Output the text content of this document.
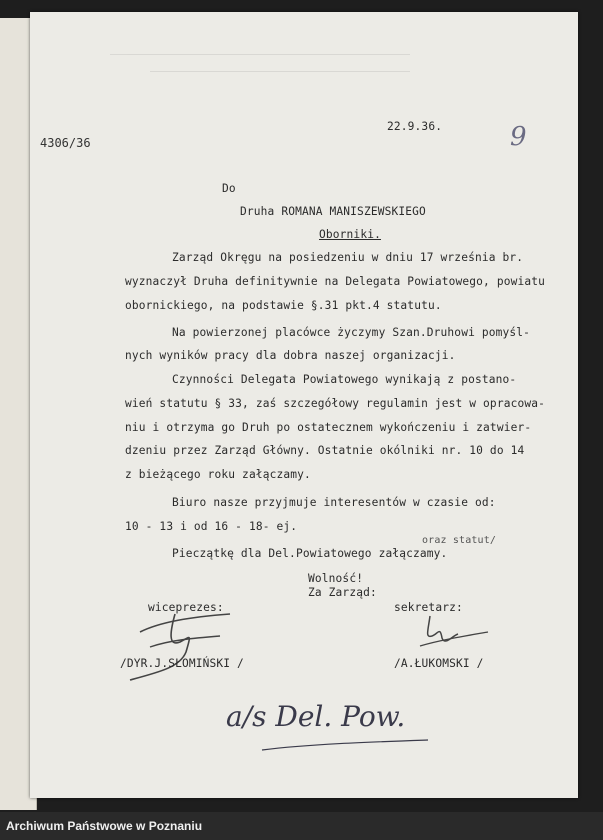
4306/36
22.9.36.	9
Do
Druha ROMANA MANISZEWSKIEGO
Oborniki.
Zarząd Okręgu na posiedzeniu w dniu 17 września br.
wyznaczył Druha definitywnie na Delegata Powiatowego, powiatu
obornickiego, na podstawie §.31 pkt.4 statutu.
Na powierzonej placówce życzymy Szan.Druhowi pomyśl-
nych wyników pracy dla dobra naszej organizacji.
Czynności Delegata Powiatowego wynikają z postano-
wień statutu § 33, zaś szczegółowy regulamin jest w opracowa-
niu i otrzyma go Druh po ostatecznem wykończeniu i zatwier-
dzeniu przez Zarząd Główny. Ostatnie okólniki nr. 10 do 14
z bieżącego roku załączamy.
Biuro nasze przyjmuje interesentów w czasie od:
10 - 13 i od 16 - 18- ej.
Pieczątkę dla Del.Powiatowego załączamy.
oraz statut/
Wolność!
Za Zarząd:
wiceprezes:	sekretarz:
/DYR.J.SŁOMIŃSKI /	/A.ŁUKOMSKI /
a/s Del. Pow.
Archiwum Państwowe w Poznaniu
